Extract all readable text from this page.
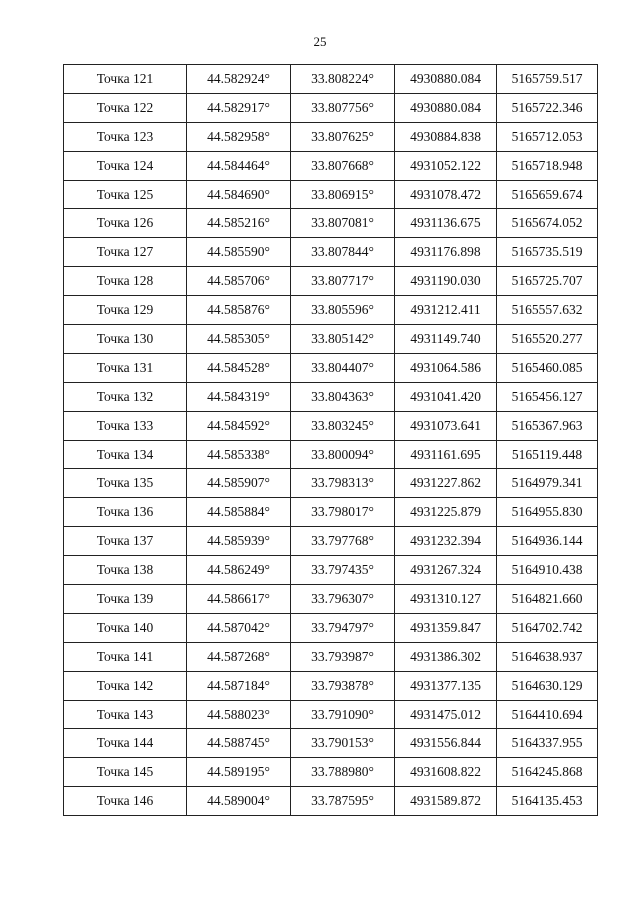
25
Точка 121	44.582924°	33.808224°	4930880.084	5165759.517
Точка 122	44.582917°	33.807756°	4930880.084	5165722.346
Точка 123	44.582958°	33.807625°	4930884.838	5165712.053
Точка 124	44.584464°	33.807668°	4931052.122	5165718.948
Точка 125	44.584690°	33.806915°	4931078.472	5165659.674
Точка 126	44.585216°	33.807081°	4931136.675	5165674.052
Точка 127	44.585590°	33.807844°	4931176.898	5165735.519
Точка 128	44.585706°	33.807717°	4931190.030	5165725.707
Точка 129	44.585876°	33.805596°	4931212.411	5165557.632
Точка 130	44.585305°	33.805142°	4931149.740	5165520.277
Точка 131	44.584528°	33.804407°	4931064.586	5165460.085
Точка 132	44.584319°	33.804363°	4931041.420	5165456.127
Точка 133	44.584592°	33.803245°	4931073.641	5165367.963
Точка 134	44.585338°	33.800094°	4931161.695	5165119.448
Точка 135	44.585907°	33.798313°	4931227.862	5164979.341
Точка 136	44.585884°	33.798017°	4931225.879	5164955.830
Точка 137	44.585939°	33.797768°	4931232.394	5164936.144
Точка 138	44.586249°	33.797435°	4931267.324	5164910.438
Точка 139	44.586617°	33.796307°	4931310.127	5164821.660
Точка 140	44.587042°	33.794797°	4931359.847	5164702.742
Точка 141	44.587268°	33.793987°	4931386.302	5164638.937
Точка 142	44.587184°	33.793878°	4931377.135	5164630.129
Точка 143	44.588023°	33.791090°	4931475.012	5164410.694
Точка 144	44.588745°	33.790153°	4931556.844	5164337.955
Точка 145	44.589195°	33.788980°	4931608.822	5164245.868
Точка 146	44.589004°	33.787595°	4931589.872	5164135.453
